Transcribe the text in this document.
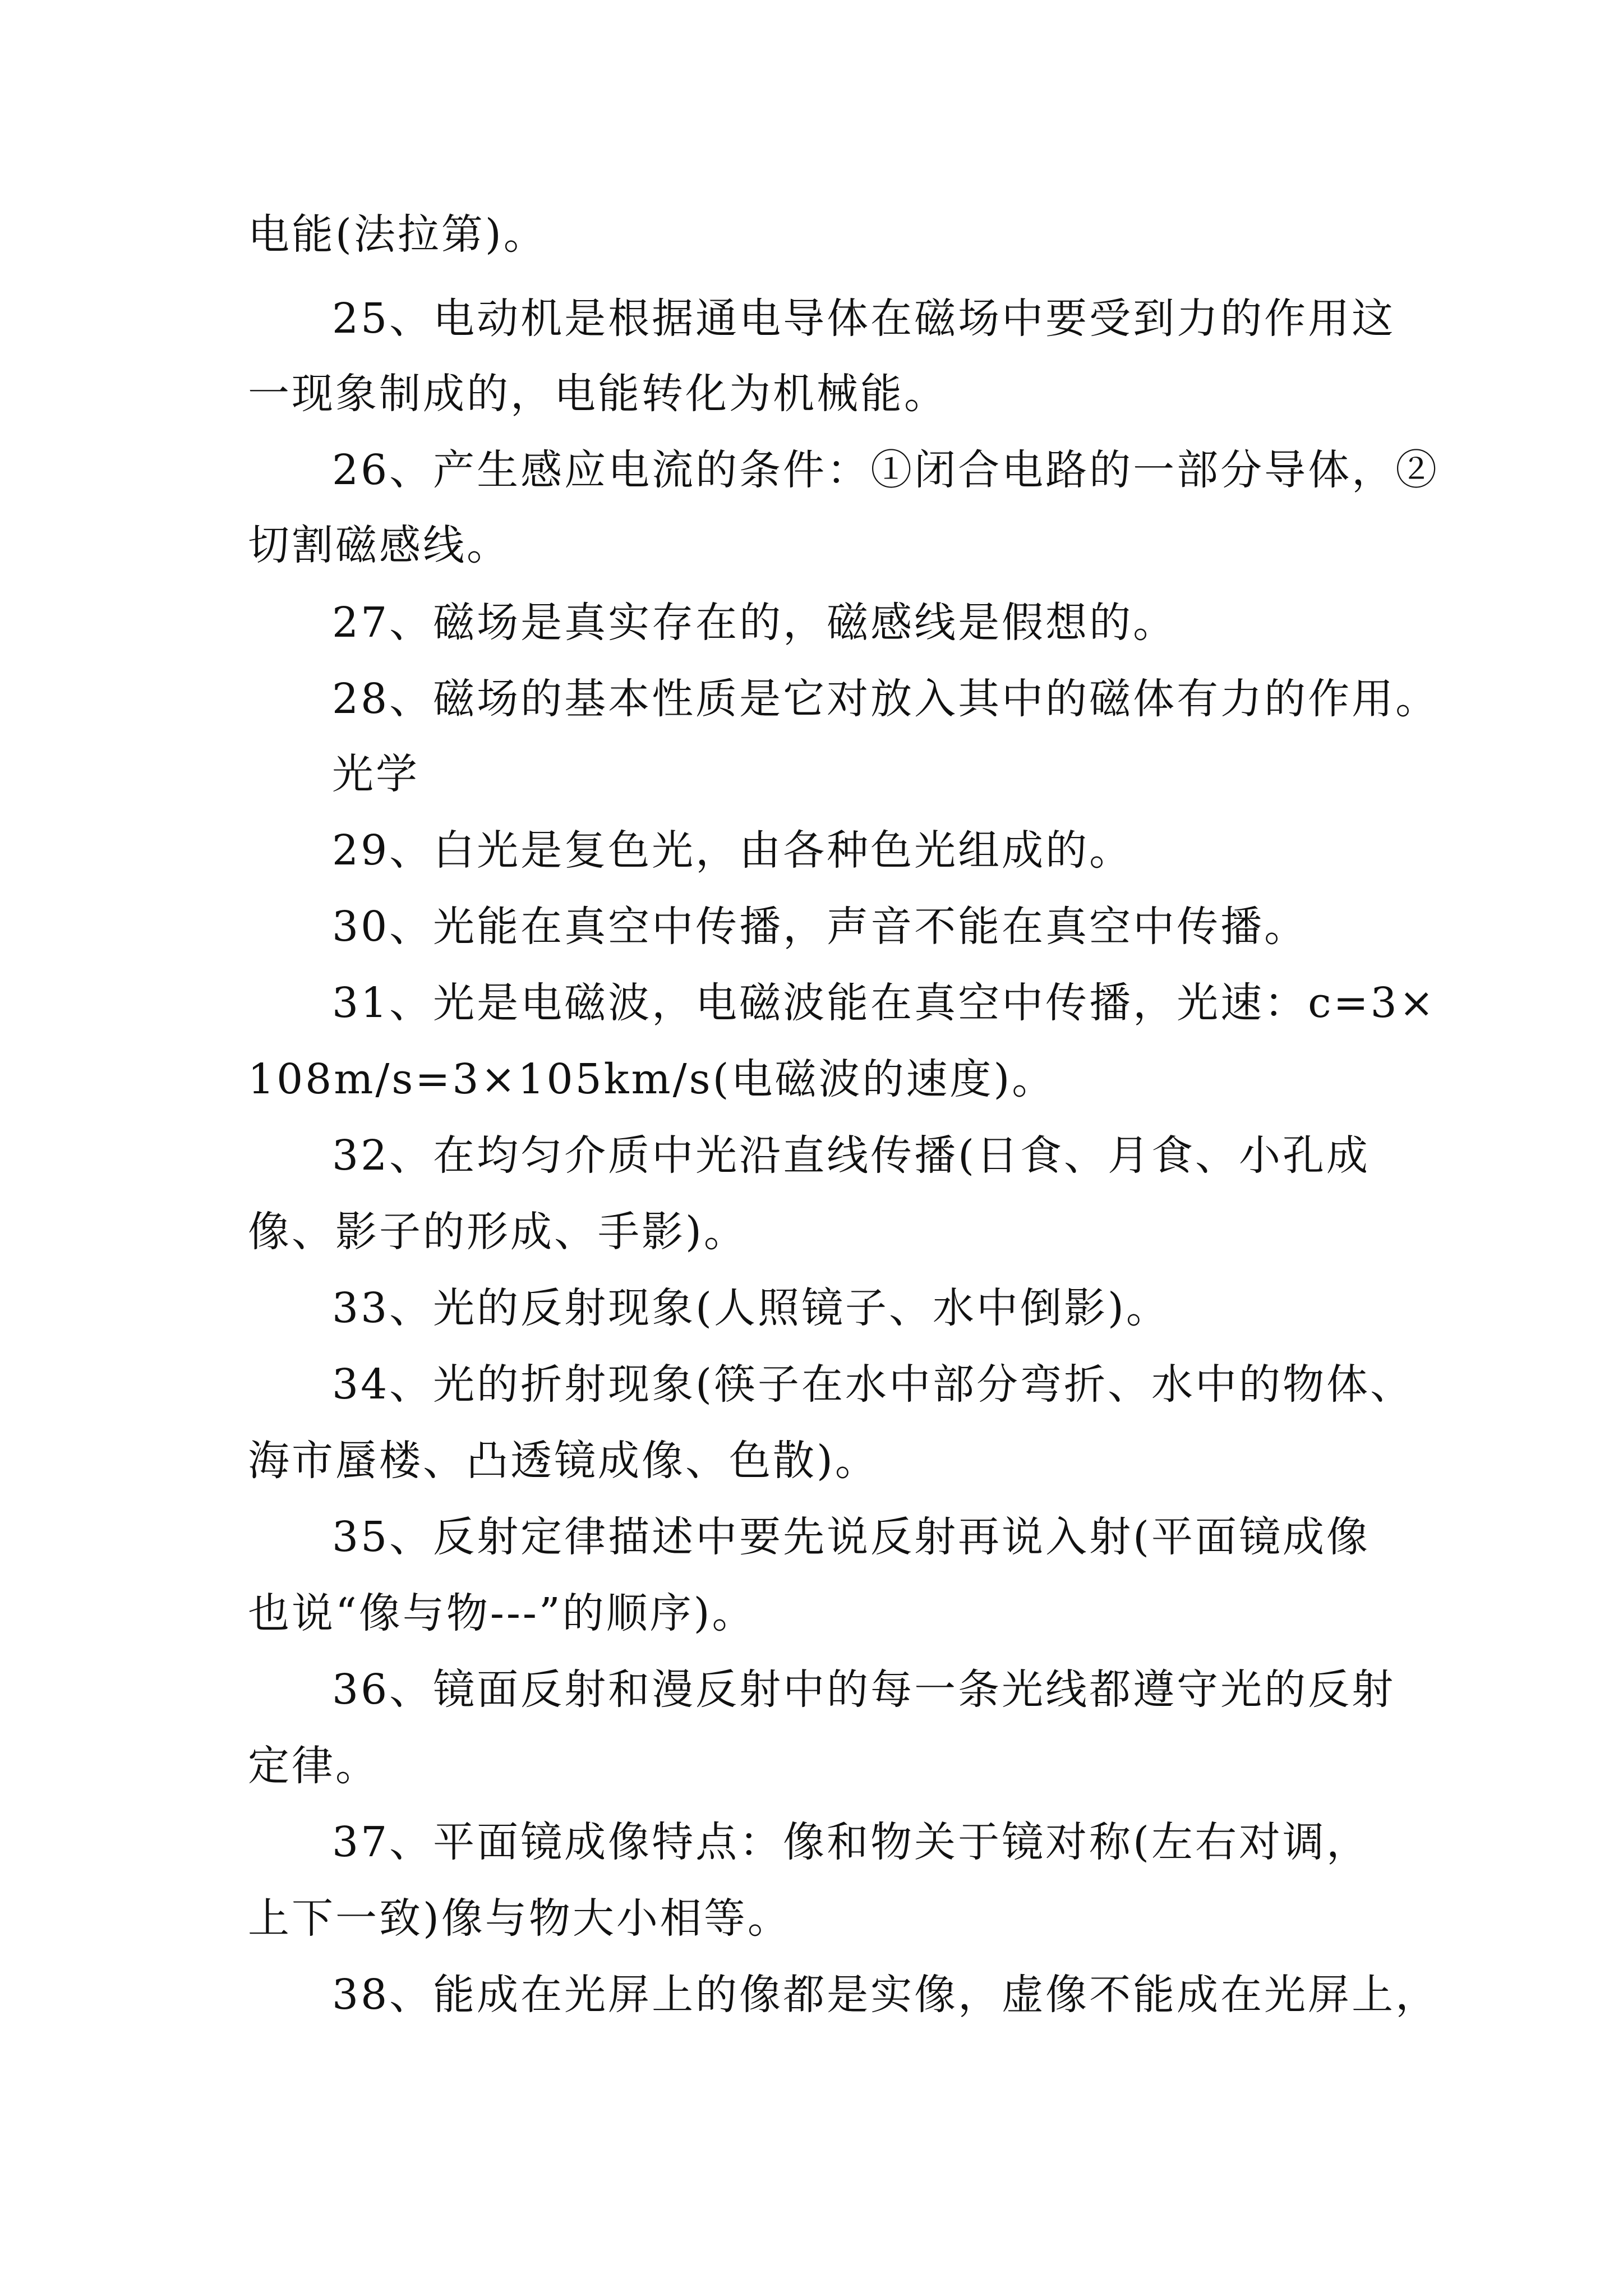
电能(法拉第)。
25、电动机是根据通电导体在磁场中要受到力的作用这
一现象制成的，电能转化为机械能。
26、产生感应电流的条件：①闭合电路的一部分导体，②
切割磁感线。
27、磁场是真实存在的，磁感线是假想的。
28、磁场的基本性质是它对放入其中的磁体有力的作用。
光学
29、白光是复色光，由各种色光组成的。
30、光能在真空中传播，声音不能在真空中传播。
31、光是电磁波，电磁波能在真空中传播，光速：c=3×
108m/s=3×105km/s(电磁波的速度)。
32、在均匀介质中光沿直线传播(日食、月食、小孔成
像、影子的形成、手影)。
33、光的反射现象(人照镜子、水中倒影)。
34、光的折射现象(筷子在水中部分弯折、水中的物体、
海市蜃楼、凸透镜成像、色散)。
35、反射定律描述中要先说反射再说入射(平面镜成像
也说“像与物---”的顺序)。
36、镜面反射和漫反射中的每一条光线都遵守光的反射
定律。
37、平面镜成像特点：像和物关于镜对称(左右对调，
上下一致)像与物大小相等。
38、能成在光屏上的像都是实像，虚像不能成在光屏上，
